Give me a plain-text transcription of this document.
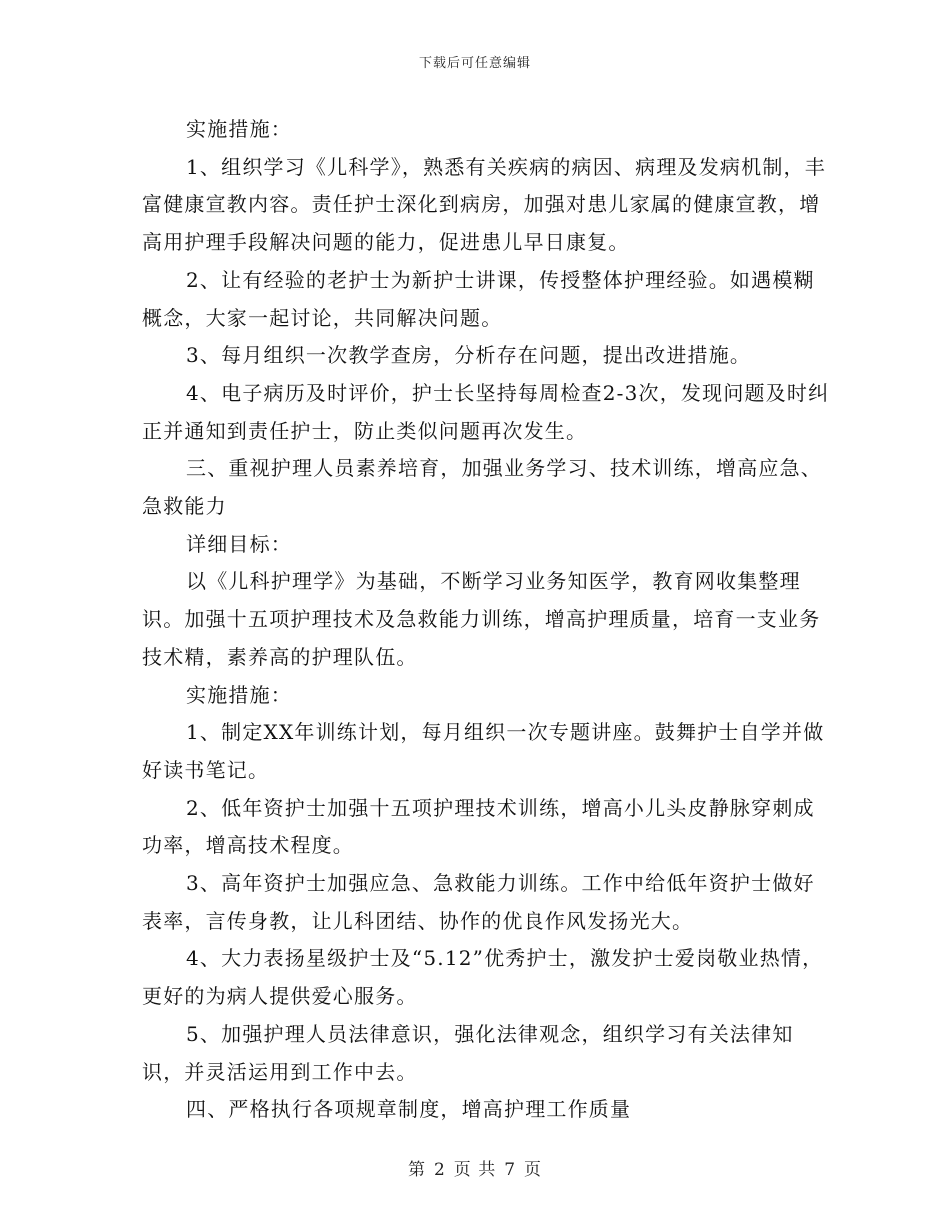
下载后可任意编辑

实施措施：

1、组织学习《儿科学》，熟悉有关疾病的病因、病理及发病机制，丰富健康宣教内容。责任护士深化到病房，加强对患儿家属的健康宣教，增高用护理手段解决问题的能力，促进患儿早日康复。

2、让有经验的老护士为新护士讲课，传授整体护理经验。如遇模糊概念，大家一起讨论，共同解决问题。

3、每月组织一次教学查房，分析存在问题，提出改进措施。

4、电子病历及时评价，护士长坚持每周检查2-3次，发现问题及时纠正并通知到责任护士，防止类似问题再次发生。

三、重视护理人员素养培育，加强业务学习、技术训练，增高应急、急救能力

详细目标：

以《儿科护理学》为基础，不断学习业务知医学，教育网收集整理识。加强十五项护理技术及急救能力训练，增高护理质量，培育一支业务技术精，素养高的护理队伍。

实施措施：

1、制定XX年训练计划，每月组织一次专题讲座。鼓舞护士自学并做好读书笔记。

2、低年资护士加强十五项护理技术训练，增高小儿头皮静脉穿刺成功率，增高技术程度。

3、高年资护士加强应急、急救能力训练。工作中给低年资护士做好表率，言传身教，让儿科团结、协作的优良作风发扬光大。

4、大力表扬星级护士及“5.12”优秀护士，激发护士爱岗敬业热情，更好的为病人提供爱心服务。

5、加强护理人员法律意识，强化法律观念，组织学习有关法律知识，并灵活运用到工作中去。

四、严格执行各项规章制度，增高护理工作质量

第 2 页 共 7 页
